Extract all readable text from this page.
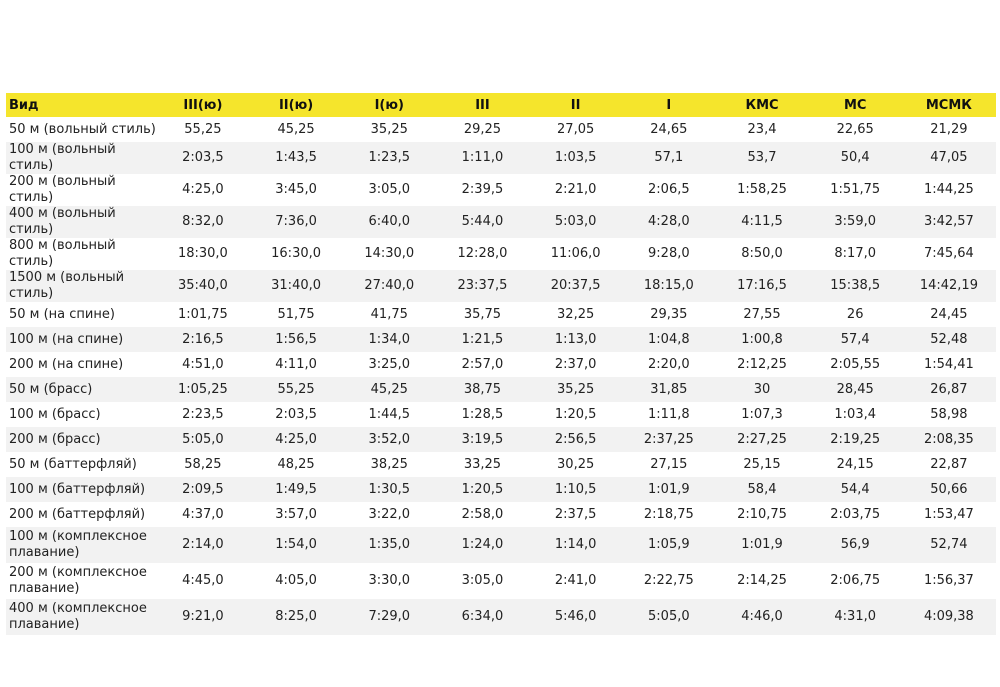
Вид	III(ю)	II(ю)	I(ю)	III	II	I	КМС	МС	МСМК
50 м (вольный стиль)	55,25	45,25	35,25	29,25	27,05	24,65	23,4	22,65	21,29
100 м (вольный стиль)	2:03,5	1:43,5	1:23,5	1:11,0	1:03,5	57,1	53,7	50,4	47,05
200 м (вольный стиль)	4:25,0	3:45,0	3:05,0	2:39,5	2:21,0	2:06,5	1:58,25	1:51,75	1:44,25
400 м (вольный стиль)	8:32,0	7:36,0	6:40,0	5:44,0	5:03,0	4:28,0	4:11,5	3:59,0	3:42,57
800 м (вольный стиль)	18:30,0	16:30,0	14:30,0	12:28,0	11:06,0	9:28,0	8:50,0	8:17,0	7:45,64
1500 м (вольный стиль)	35:40,0	31:40,0	27:40,0	23:37,5	20:37,5	18:15,0	17:16,5	15:38,5	14:42,19
50 м (на спине)	1:01,75	51,75	41,75	35,75	32,25	29,35	27,55	26	24,45
100 м (на спине)	2:16,5	1:56,5	1:34,0	1:21,5	1:13,0	1:04,8	1:00,8	57,4	52,48
200 м (на спине)	4:51,0	4:11,0	3:25,0	2:57,0	2:37,0	2:20,0	2:12,25	2:05,55	1:54,41
50 м (брасс)	1:05,25	55,25	45,25	38,75	35,25	31,85	30	28,45	26,87
100 м (брасс)	2:23,5	2:03,5	1:44,5	1:28,5	1:20,5	1:11,8	1:07,3	1:03,4	58,98
200 м (брасс)	5:05,0	4:25,0	3:52,0	3:19,5	2:56,5	2:37,25	2:27,25	2:19,25	2:08,35
50 м (баттерфляй)	58,25	48,25	38,25	33,25	30,25	27,15	25,15	24,15	22,87
100 м (баттерфляй)	2:09,5	1:49,5	1:30,5	1:20,5	1:10,5	1:01,9	58,4	54,4	50,66
200 м (баттерфляй)	4:37,0	3:57,0	3:22,0	2:58,0	2:37,5	2:18,75	2:10,75	2:03,75	1:53,47
100 м (комплексное плавание)	2:14,0	1:54,0	1:35,0	1:24,0	1:14,0	1:05,9	1:01,9	56,9	52,74
200 м (комплексное плавание)	4:45,0	4:05,0	3:30,0	3:05,0	2:41,0	2:22,75	2:14,25	2:06,75	1:56,37
400 м (комплексное плавание)	9:21,0	8:25,0	7:29,0	6:34,0	5:46,0	5:05,0	4:46,0	4:31,0	4:09,38
